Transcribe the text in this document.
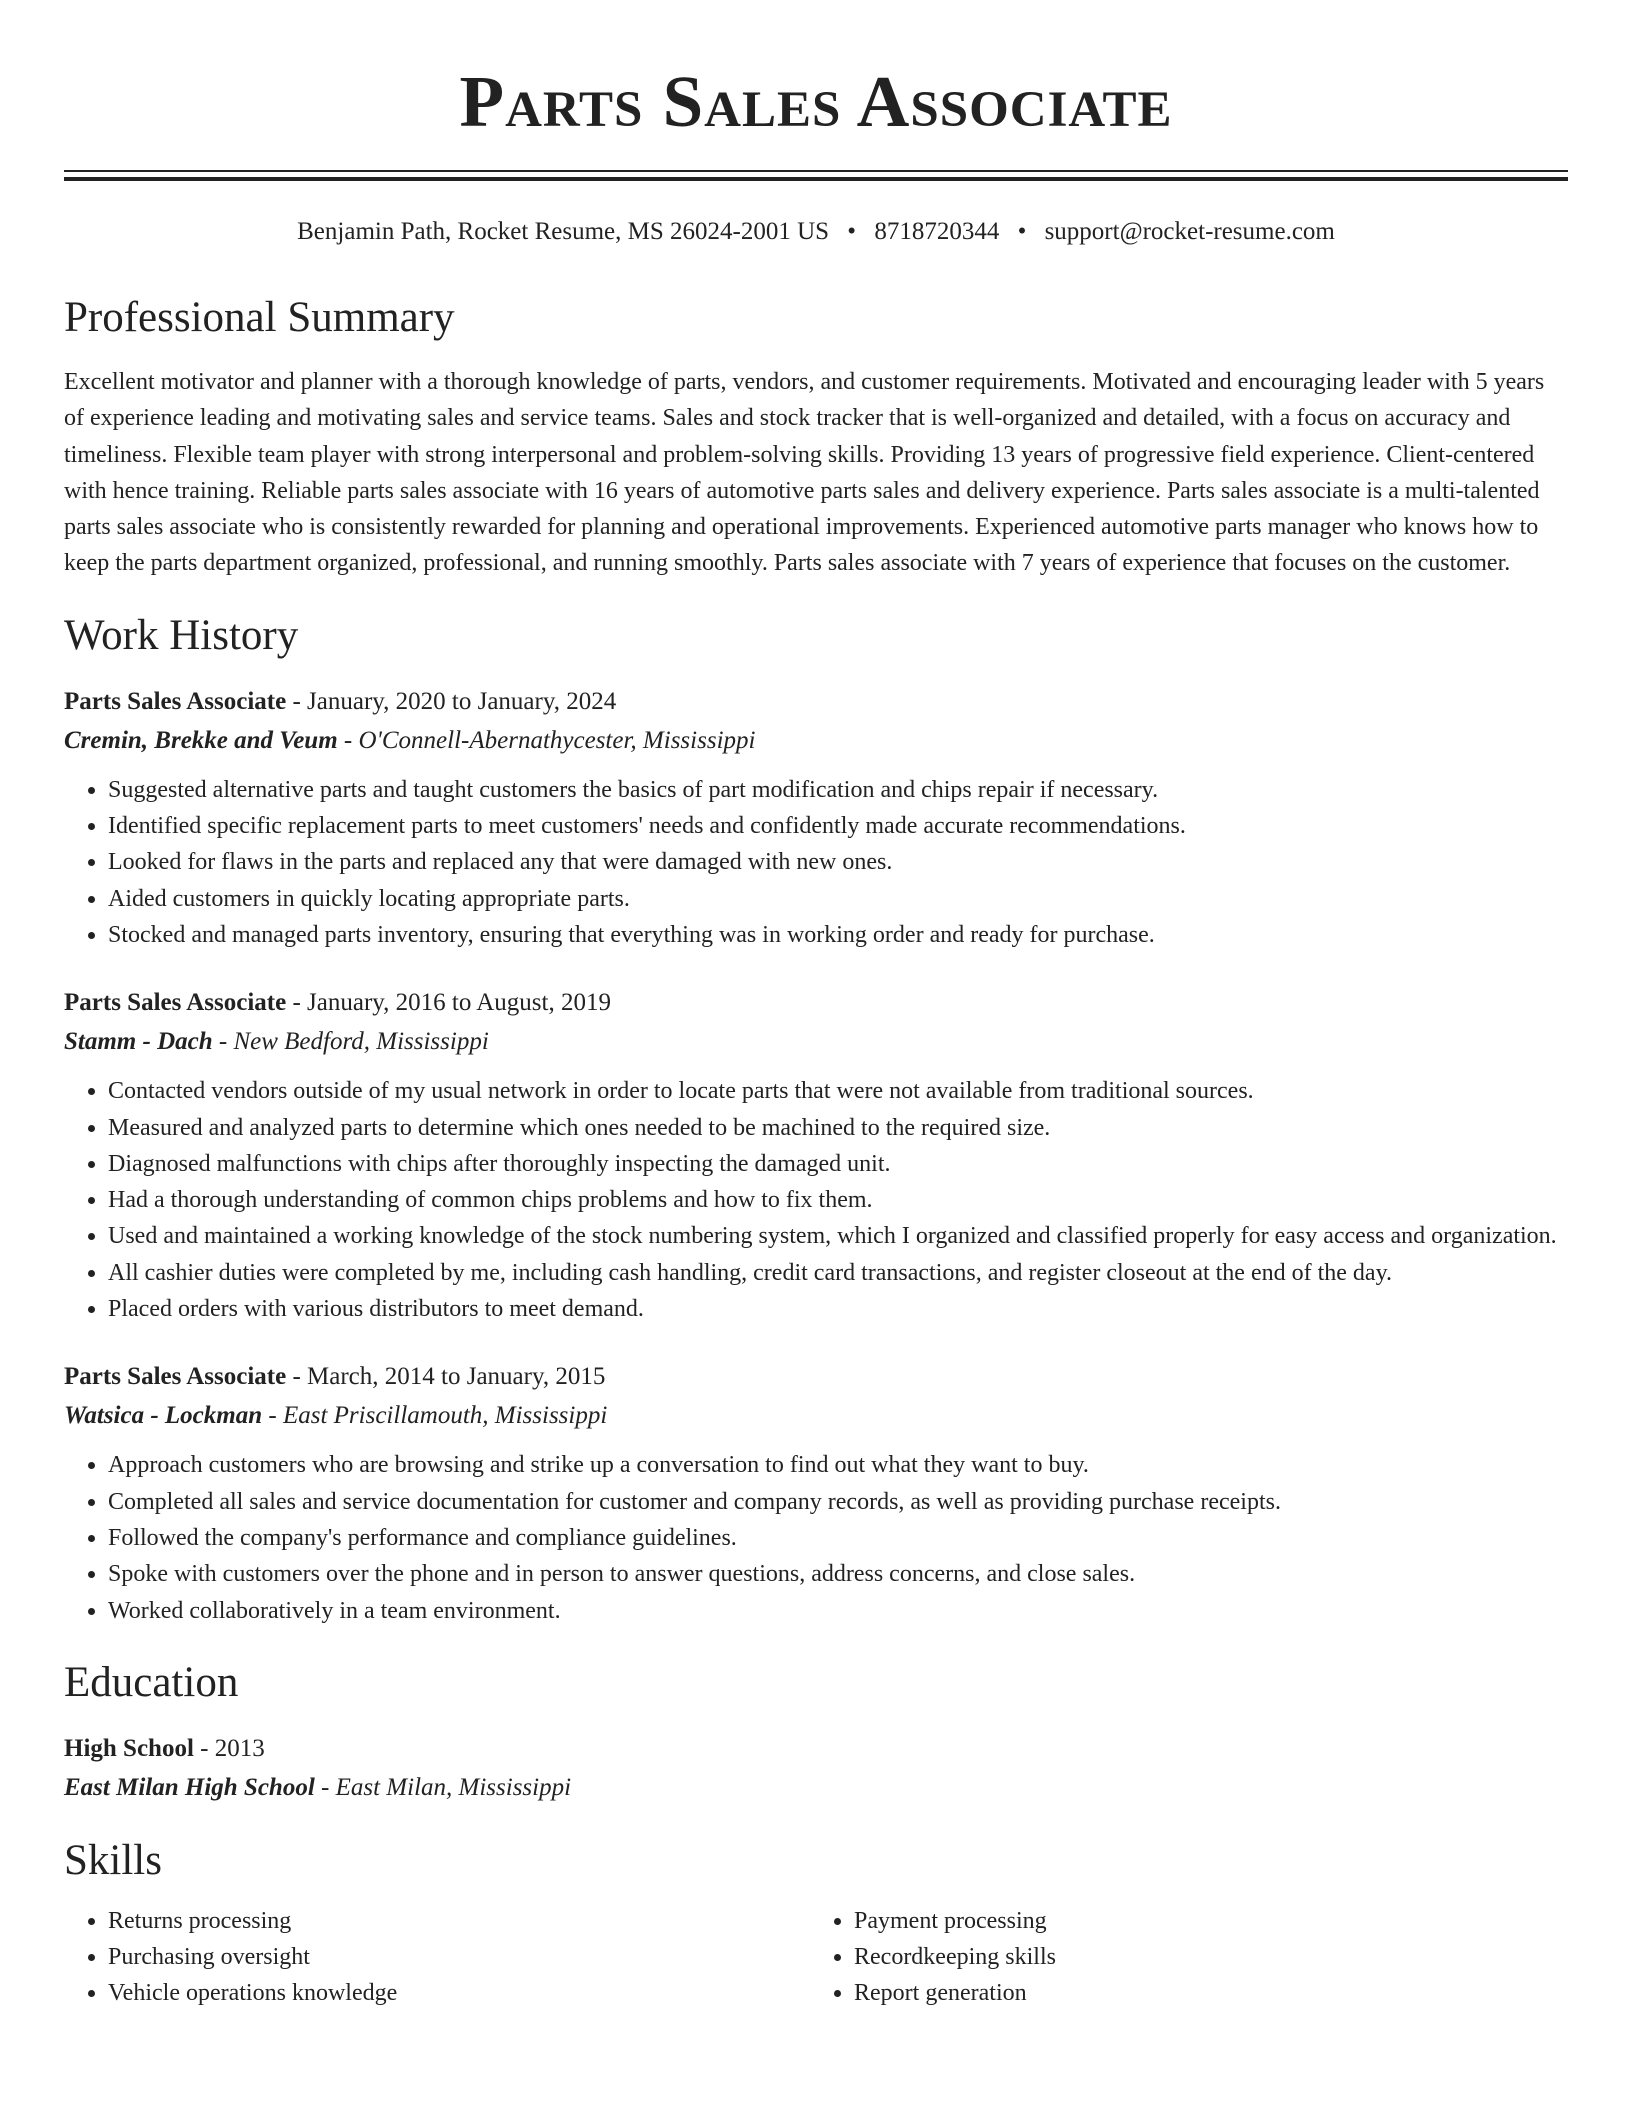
Parts Sales Associate
Benjamin Path, Rocket Resume, MS 26024-2001 US • 8718720344 • support@rocket-resume.com
Professional Summary
Excellent motivator and planner with a thorough knowledge of parts, vendors, and customer requirements. Motivated and encouraging leader with 5 years of experience leading and motivating sales and service teams. Sales and stock tracker that is well-organized and detailed, with a focus on accuracy and timeliness. Flexible team player with strong interpersonal and problem-solving skills. Providing 13 years of progressive field experience. Client-centered with hence training. Reliable parts sales associate with 16 years of automotive parts sales and delivery experience. Parts sales associate is a multi-talented parts sales associate who is consistently rewarded for planning and operational improvements. Experienced automotive parts manager who knows how to keep the parts department organized, professional, and running smoothly. Parts sales associate with 7 years of experience that focuses on the customer.
Work History
Parts Sales Associate - January, 2020 to January, 2024
Cremin, Brekke and Veum - O'Connell-Abernathycester, Mississippi
• Suggested alternative parts and taught customers the basics of part modification and chips repair if necessary.
• Identified specific replacement parts to meet customers' needs and confidently made accurate recommendations.
• Looked for flaws in the parts and replaced any that were damaged with new ones.
• Aided customers in quickly locating appropriate parts.
• Stocked and managed parts inventory, ensuring that everything was in working order and ready for purchase.
Parts Sales Associate - January, 2016 to August, 2019
Stamm - Dach - New Bedford, Mississippi
• Contacted vendors outside of my usual network in order to locate parts that were not available from traditional sources.
• Measured and analyzed parts to determine which ones needed to be machined to the required size.
• Diagnosed malfunctions with chips after thoroughly inspecting the damaged unit.
• Had a thorough understanding of common chips problems and how to fix them.
• Used and maintained a working knowledge of the stock numbering system, which I organized and classified properly for easy access and organization.
• All cashier duties were completed by me, including cash handling, credit card transactions, and register closeout at the end of the day.
• Placed orders with various distributors to meet demand.
Parts Sales Associate - March, 2014 to January, 2015
Watsica - Lockman - East Priscillamouth, Mississippi
• Approach customers who are browsing and strike up a conversation to find out what they want to buy.
• Completed all sales and service documentation for customer and company records, as well as providing purchase receipts.
• Followed the company's performance and compliance guidelines.
• Spoke with customers over the phone and in person to answer questions, address concerns, and close sales.
• Worked collaboratively in a team environment.
Education
High School - 2013
East Milan High School - East Milan, Mississippi
Skills
• Returns processing
• Purchasing oversight
• Vehicle operations knowledge
• Payment processing
• Recordkeeping skills
• Report generation
